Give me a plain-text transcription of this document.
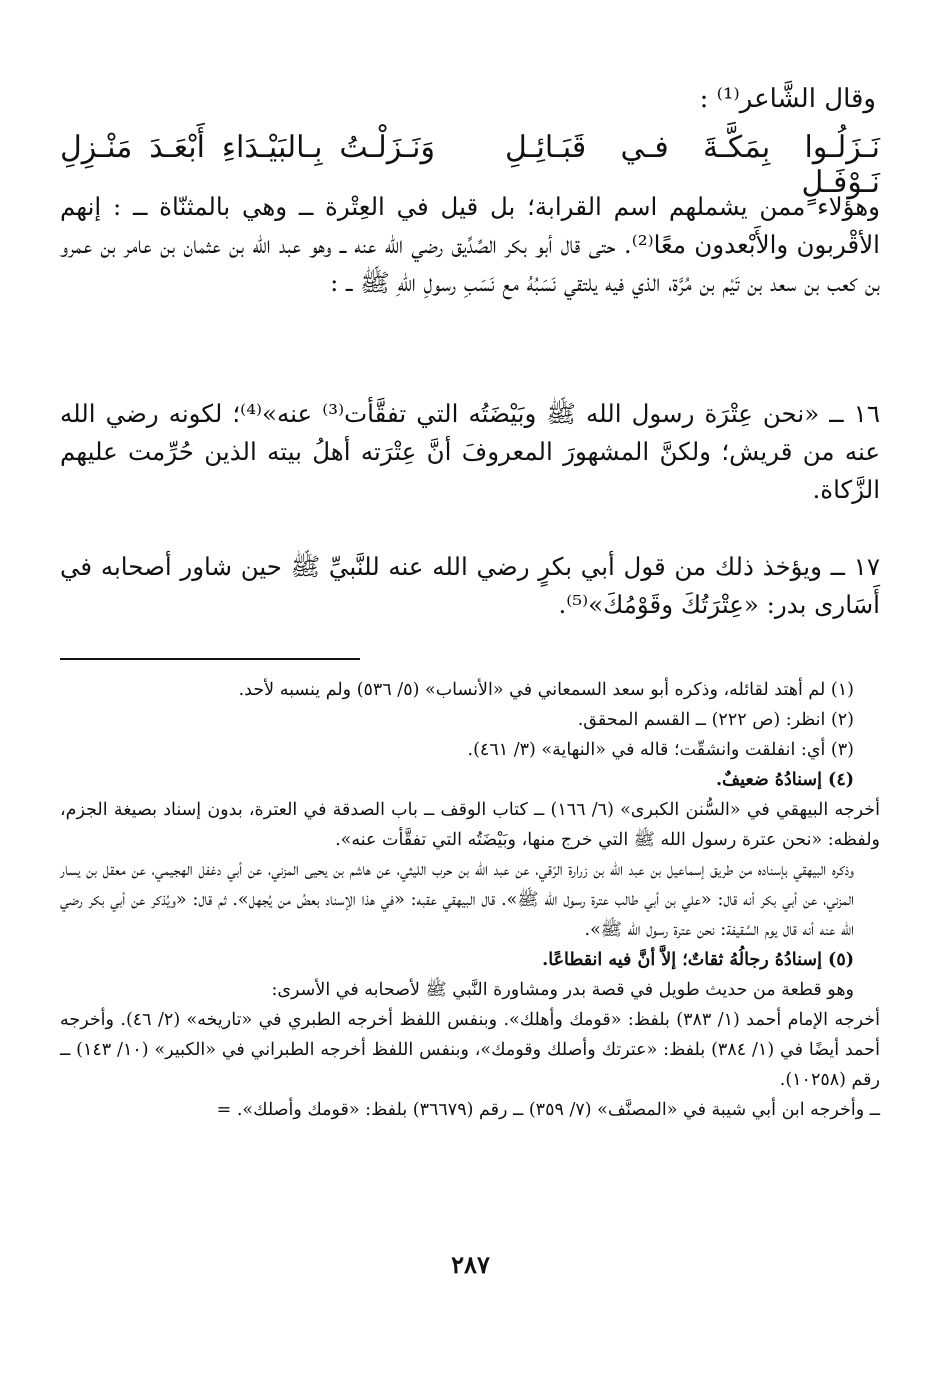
وقال الشَّاعر⁽¹⁾ :
نَـزَلُـوا بِمَكَّـةَ فـي قَبَـائِـلِ نَـوْفَـلٍ
وَنَـزَلْـتُ بِـالبَيْـدَاءِ أَبْعَـدَ مَنْـزِلِ

وهؤلاء ممن يشملهم اسم القرابة؛ بل قيل في العِتْرة ــ وهي بالمثنّاة ــ : إنهم الأقْربون والأَبْعدون معًا⁽²⁾. حتى قال أبو بكر الصِّدِّيق رضي الله عنه ــ وهو عبد الله بن عثمان بن عامر بن عمرو بن كعب بن سعد بن تَيْم بن مُرَّة، الذي فيه يلتقي نَسَبُهُ مع نَسَبِ رسولِ اللّهِ ﷺ ــ :

١٦ ــ «نحن عِتْرَة رسول الله ﷺ وبَيْضَتُه التي تفقَّأت⁽³⁾ عنه»⁽⁴⁾؛ لكونه رضي الله عنه من قريش؛ ولكنَّ المشهورَ المعروفَ أنَّ عِتْرَته أهلُ بيته الذين حُرِّمت عليهم الزَّكاة.

١٧ ــ ويؤخذ ذلك من قول أبي بكرٍ رضي الله عنه للنَّبيِّ ﷺ حين شاور أصحابه في أَسَارى بدر: «عِتْرَتُكَ وقَوْمُكَ»⁽⁵⁾.

(١) لم أهتد لقائله، وذكره أبو سعد السمعاني في «الأنساب» (٥/ ٥٣٦) ولم ينسبه لأحد.

(٢) انظر: (ص ٢٢٢) ــ القسم المحقق.

(٣) أي: انفلقت وانشقّت؛ قاله في «النهاية» (٣/ ٤٦١).

(٤) إسنادُهُ ضعيفٌ.

أخرجه البيهقي في «السُّنن الكبرى» (٦/ ١٦٦) ــ كتاب الوقف ــ باب الصدقة في العترة، بدون إسناد بصيغة الجزم، ولفظه: «نحن عترة رسول الله ﷺ التي خرج منها، وبَيْضَتُه التي تفقَّأت عنه».

وذكره البيهقي بإسناده من طريق إسماعيل بن عبد الله بن زرارة الرّقي، عن عبد الله بن حرب الليثي، عن هاشم بن يحيى المزني، عن أبي دغفل الهجيمي، عن معقل بن يسار المزني، عن أبي بكر أنه قال: «علي بن أبي طالب عترة رسول الله ﷺ». قال البيهقي عقبه: «في هذا الإسناد بعضُ من يُجهل». ثم قال: «ويُذكر عن أبي بكر رضي الله عنه أنه قال يوم السَّقيفة: نحن عترة رسول الله ﷺ».

(٥) إسنادُهُ رجالُهُ ثقاتٌ؛ إلاَّ أنَّ فيه انقطاعًا.

وهو قطعة من حديث طويل في قصة بدر ومشاورة النَّبي ﷺ لأصحابه في الأسرى:

أخرجه الإمام أحمد (١/ ٣٨٣) بلفظ: «قومك وأهلك». وبنفس اللفظ أخرجه الطبري في «تاريخه» (٢/ ٤٦). وأخرجه أحمد أيضًا في (١/ ٣٨٤) بلفظ: «عترتك وأصلك وقومك»، وبنفس اللفظ أخرجه الطبراني في «الكبير» (١٠/ ١٤٣) ــ رقم (١٠٢٥٨).

ــ وأخرجه ابن أبي شيبة في «المصنَّف» (٧/ ٣٥٩) ــ رقم (٣٦٦٧٩) بلفظ: «قومك وأصلك». =

٢٨٧
